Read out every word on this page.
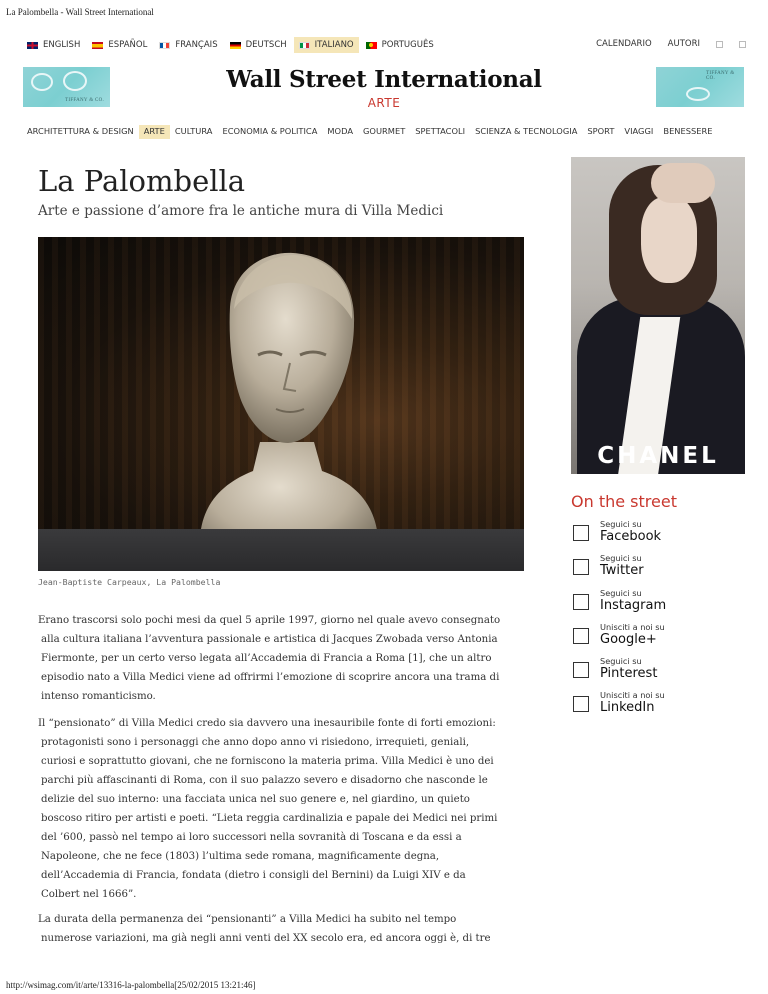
La Palombella - Wall Street International
ENGLISH	ESPAÑOL	FRANÇAIS	DEUTSCH	ITALIANO	PORTUGUÊS	CALENDARIO AUTORI
TIFFANY & CO.
TIFFANY & CO.
Wall Street International
ARTE
ARCHITETTURA & DESIGN	ARTE	CULTURA	ECONOMIA & POLITICA	MODA	GOURMET	SPETTACOLI	SCIENZA & TECNOLOGIA	SPORT	VIAGGI	BENESSERE
La Palombella
Arte e passione d’amore fra le antiche mura di Villa Medici
Jean-Baptiste Carpeaux, La Palombella

Erano trascorsi solo pochi mesi da quel 5 aprile 1997, giorno nel quale avevo consegnato
alla cultura italiana l’avventura passionale e artistica di Jacques Zwobada verso Antonia
Fiermonte, per un certo verso legata all’Accademia di Francia a Roma [1], che un altro
episodio nato a Villa Medici viene ad offrirmi l’emozione di scoprire ancora una trama di
intenso romanticismo.

Il “pensionato” di Villa Medici credo sia davvero una inesauribile fonte di forti emozioni:
protagonisti sono i personaggi che anno dopo anno vi risiedono, irrequieti, geniali,
curiosi e soprattutto giovani, che ne forniscono la materia prima. Villa Medici è uno dei
parchi più affascinanti di Roma, con il suo palazzo severo e disadorno che nasconde le
delizie del suo interno: una facciata unica nel suo genere e, nel giardino, un quieto
boscoso ritiro per artisti e poeti. “Lieta reggia cardinalizia e papale dei Medici nei primi
del ’600, passò nel tempo ai loro successori nella sovranità di Toscana e da essi a
Napoleone, che ne fece (1803) l’ultima sede romana, magnificamente degna,
dell’Accademia di Francia, fondata (dietro i consigli del Bernini) da Luigi XIV e da
Colbert nel 1666”.

La durata della permanenza dei “pensionanti” a Villa Medici ha subito nel tempo
numerose variazioni, ma già negli anni venti del XX secolo era, ed ancora oggi è, di tre

CHANEL
On the street
Seguici su
Facebook
Seguici su
Twitter
Seguici su
Instagram
Unisciti a noi su
Google+
Seguici su
Pinterest
Unisciti a noi su
LinkedIn
http://wsimag.com/it/arte/13316-la-palombella[25/02/2015 13:21:46]
